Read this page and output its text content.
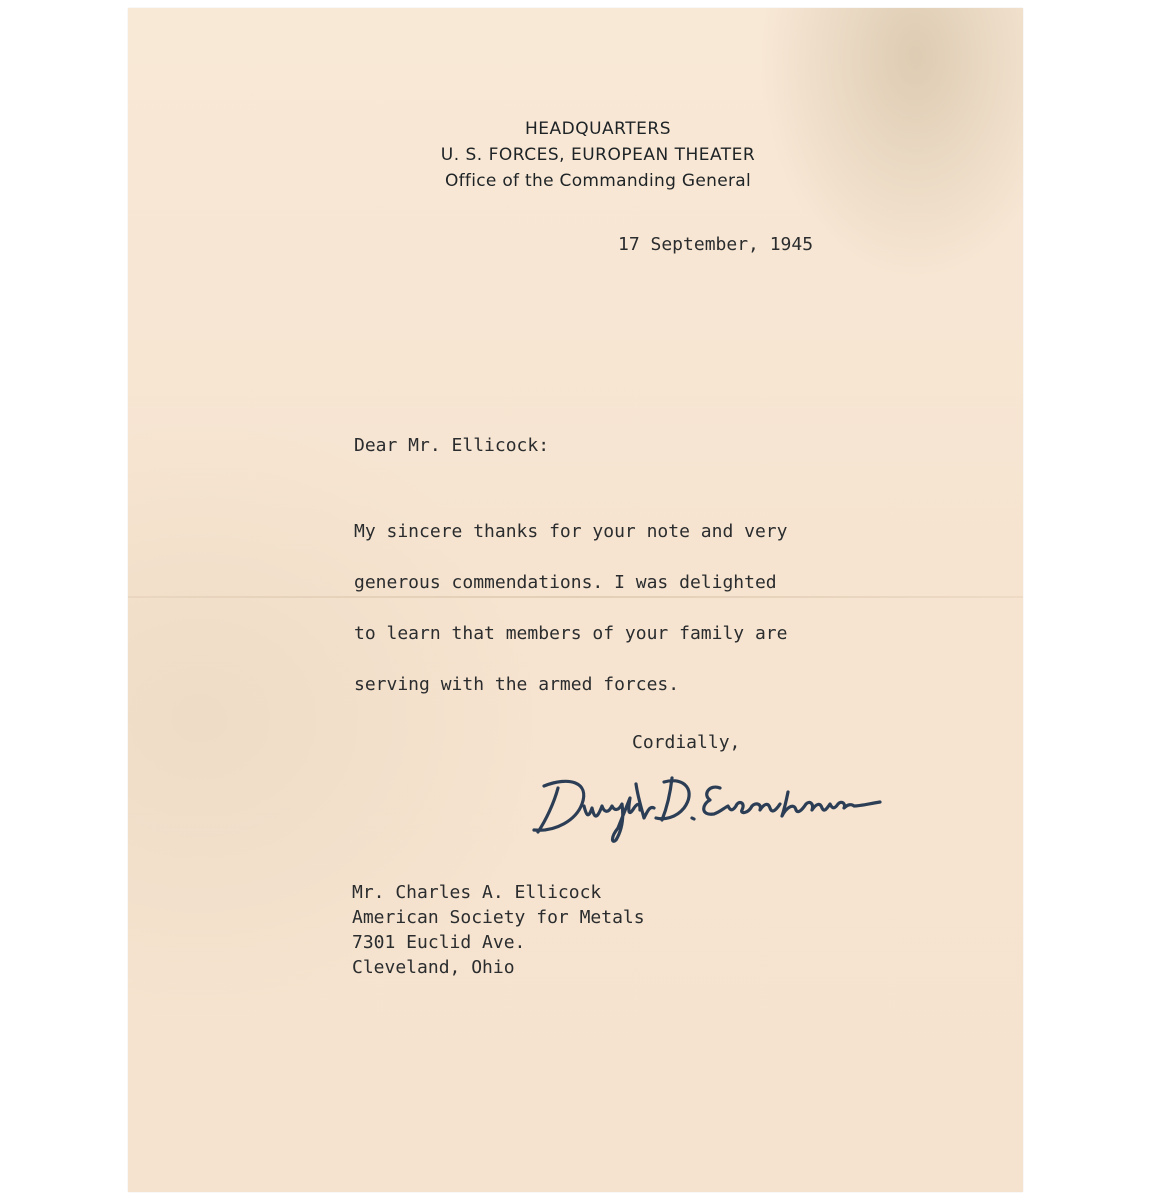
HEADQUARTERS
U. S. FORCES, EUROPEAN THEATER
Office of the Commanding General
17 September, 1945
Dear Mr. Ellicock:
My sincere thanks for your note and very
generous commendations. I was delighted
to learn that members of your family are
serving with the armed forces.
Cordially,
Mr. Charles A. Ellicock
American Society for Metals
7301 Euclid Ave.
Cleveland, Ohio
